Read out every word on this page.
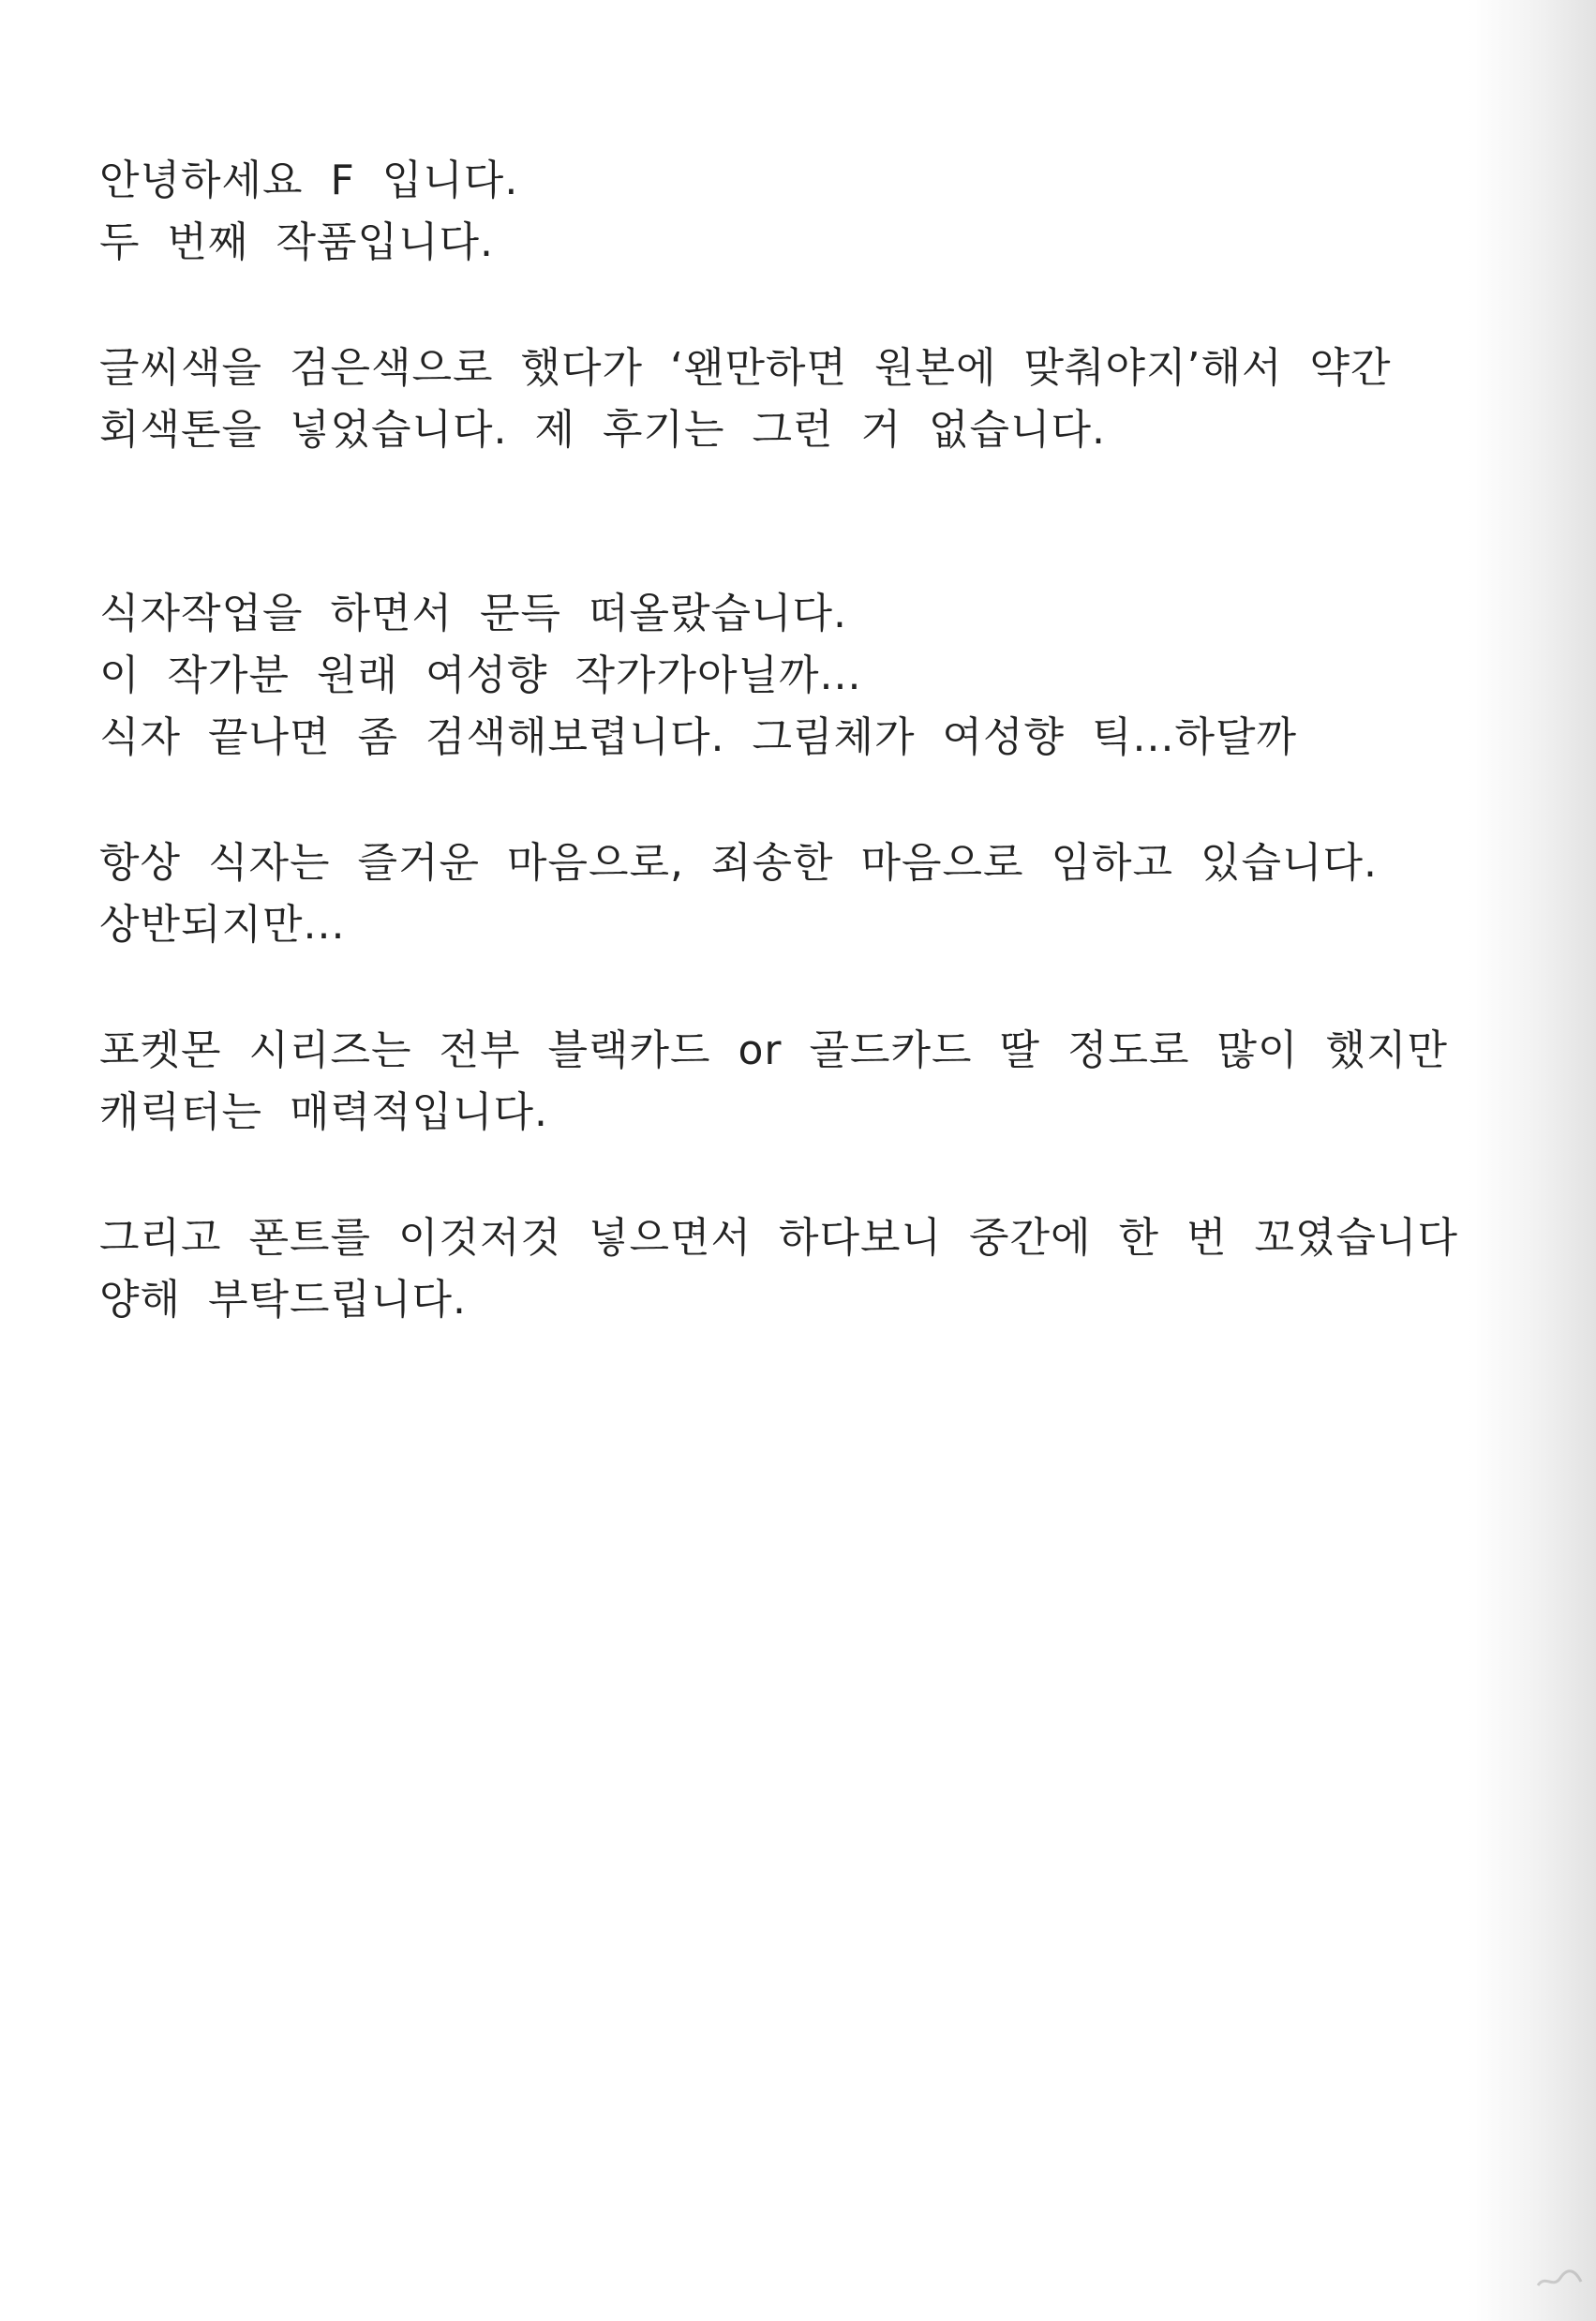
안녕하세요 F 입니다.
두 번째 작품입니다.

글씨색을 검은색으로 했다가 ‘왠만하면 원본에 맞춰야지’해서 약간
회색톤을 넣었습니다. 제 후기는 그런 거 없습니다.

식자작업을 하면서 문득 떠올랐습니다.
이 작가분 원래 여성향 작가가아닐까...
식자 끝나면 좀 검색해보렵니다. 그림체가 여성향 틱...하달까

항상 식자는 즐거운 마음으로, 죄송한 마음으로 임하고 있습니다.
상반되지만...

포켓몬 시리즈는 전부 블랙카드 or 골드카드 딸 정도로 많이 했지만
캐릭터는 매력적입니다.

그리고 폰트를 이것저것 넣으면서 하다보니 중간에 한 번 꼬였습니다
양해 부탁드립니다.
